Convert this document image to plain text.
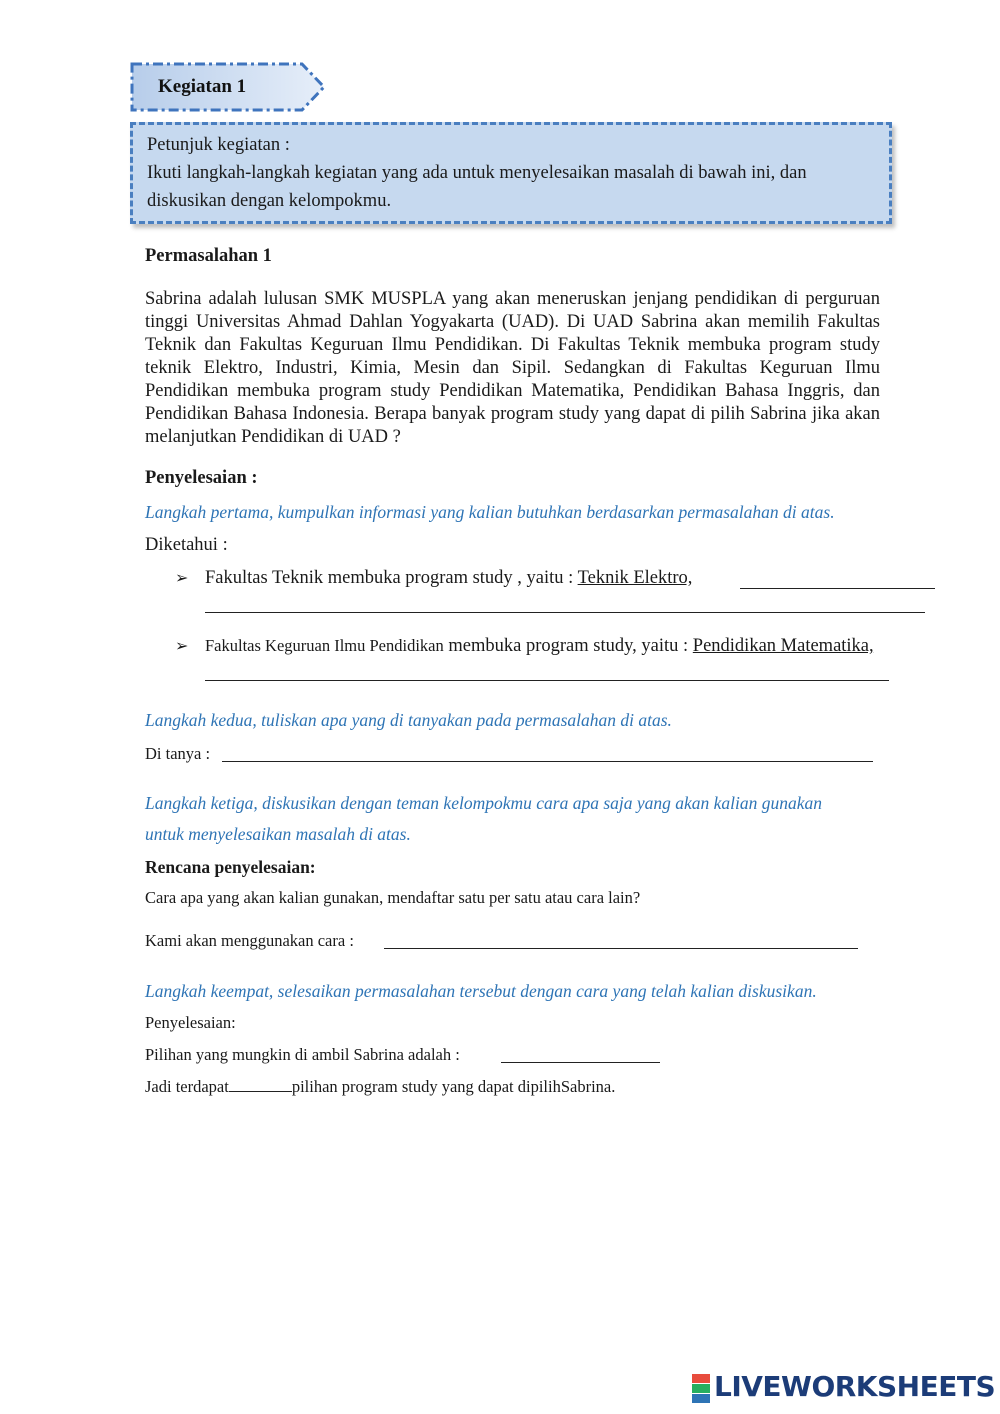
Kegiatan 1
Petunjuk kegiatan :
Ikuti langkah-langkah kegiatan yang ada untuk menyelesaikan masalah di bawah ini, dan
diskusikan dengan kelompokmu.
Permasalahan 1
Sabrina adalah lulusan SMK MUSPLA yang akan meneruskan jenjang pendidikan di perguruan tinggi Universitas Ahmad Dahlan Yogyakarta (UAD). Di UAD Sabrina akan memilih Fakultas Teknik dan Fakultas Keguruan Ilmu Pendidikan. Di Fakultas Teknik membuka program study teknik Elektro, Industri, Kimia, Mesin dan Sipil. Sedangkan di Fakultas Keguruan Ilmu Pendidikan membuka program study Pendidikan Matematika, Pendidikan Bahasa Inggris, dan Pendidikan Bahasa Indonesia. Berapa banyak program study yang dapat di pilih Sabrina jika akan melanjutkan Pendidikan di UAD ?
Penyelesaian :
Langkah pertama, kumpulkan informasi yang kalian butuhkan berdasarkan permasalahan di atas.
Diketahui :
➢ Fakultas Teknik membuka program study , yaitu : Teknik Elektro,
➢ Fakultas Keguruan Ilmu Pendidikan membuka program study, yaitu : Pendidikan Matematika,
Langkah kedua, tuliskan apa yang di tanyakan pada permasalahan di atas.
Di tanya :
Langkah ketiga, diskusikan dengan teman kelompokmu cara apa saja yang akan kalian gunakan
untuk menyelesaikan masalah di atas.
Rencana penyelesaian:
Cara apa yang akan kalian gunakan, mendaftar satu per satu atau cara lain?
Kami akan menggunakan cara :
Langkah keempat, selesaikan permasalahan tersebut dengan cara yang telah kalian diskusikan.
Penyelesaian:
Pilihan yang mungkin di ambil Sabrina adalah :
Jadi terdapat	pilihan program study yang dapat dipilihSabrina.
LIVEWORKSHEETS
